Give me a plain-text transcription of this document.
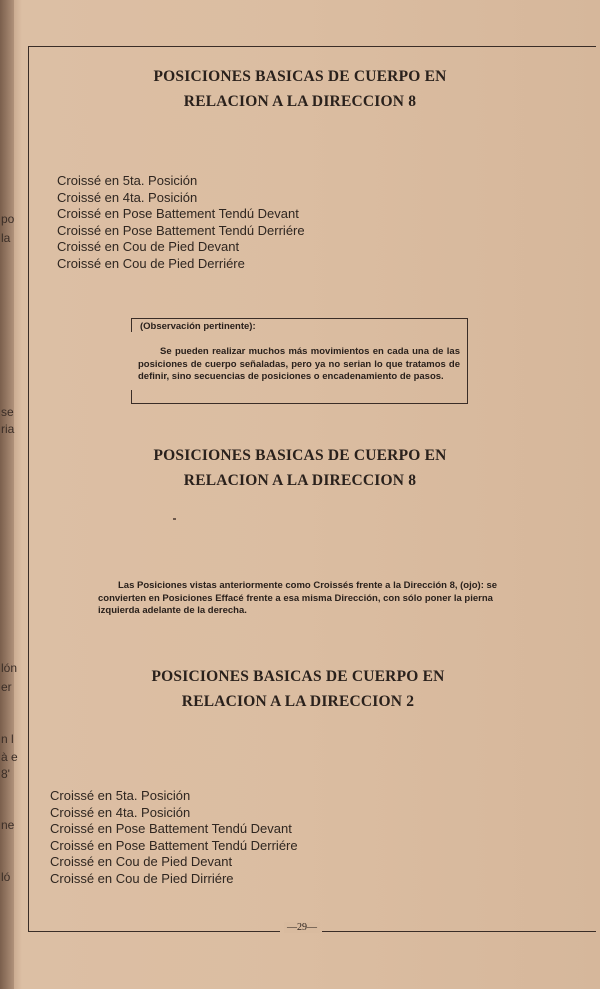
po
la
se
ria
lón
er
n l
à e
8'
ne
ló
POSICIONES BASICAS DE CUERPO EN
RELACION A LA DIRECCION 8
Croissé en 5ta. Posición
Croissé en 4ta. Posición
Croissé en Pose Battement Tendú Devant
Croissé en Pose Battement Tendú Derriére
Croissé en Cou de Pied Devant
Croissé en Cou de Pied Derriére
(Observación pertinente):
Se pueden realizar muchos más movimientos en cada una de las posiciones de cuerpo señaladas, pero ya no serian lo que tratamos de definir, sino secuencias de posiciones o encadenamiento de pasos.
POSICIONES BASICAS DE CUERPO EN
RELACION A LA DIRECCION 8
Las Posiciones vistas anteriormente como Croissés frente a la Dirección 8, (ojo): se convierten en Posiciones Effacé frente a esa misma Dirección, con sólo poner la pierna izquierda adelante de la derecha.
POSICIONES BASICAS DE CUERPO EN
RELACION A LA DIRECCION 2
Croissé en 5ta. Posición
Croissé en 4ta. Posición
Croissé en Pose Battement Tendú Devant
Croissé en Pose Battement Tendú Derriére
Croissé en Cou de Pied Devant
Croissé en Cou de Pied Dirriére
—29—
